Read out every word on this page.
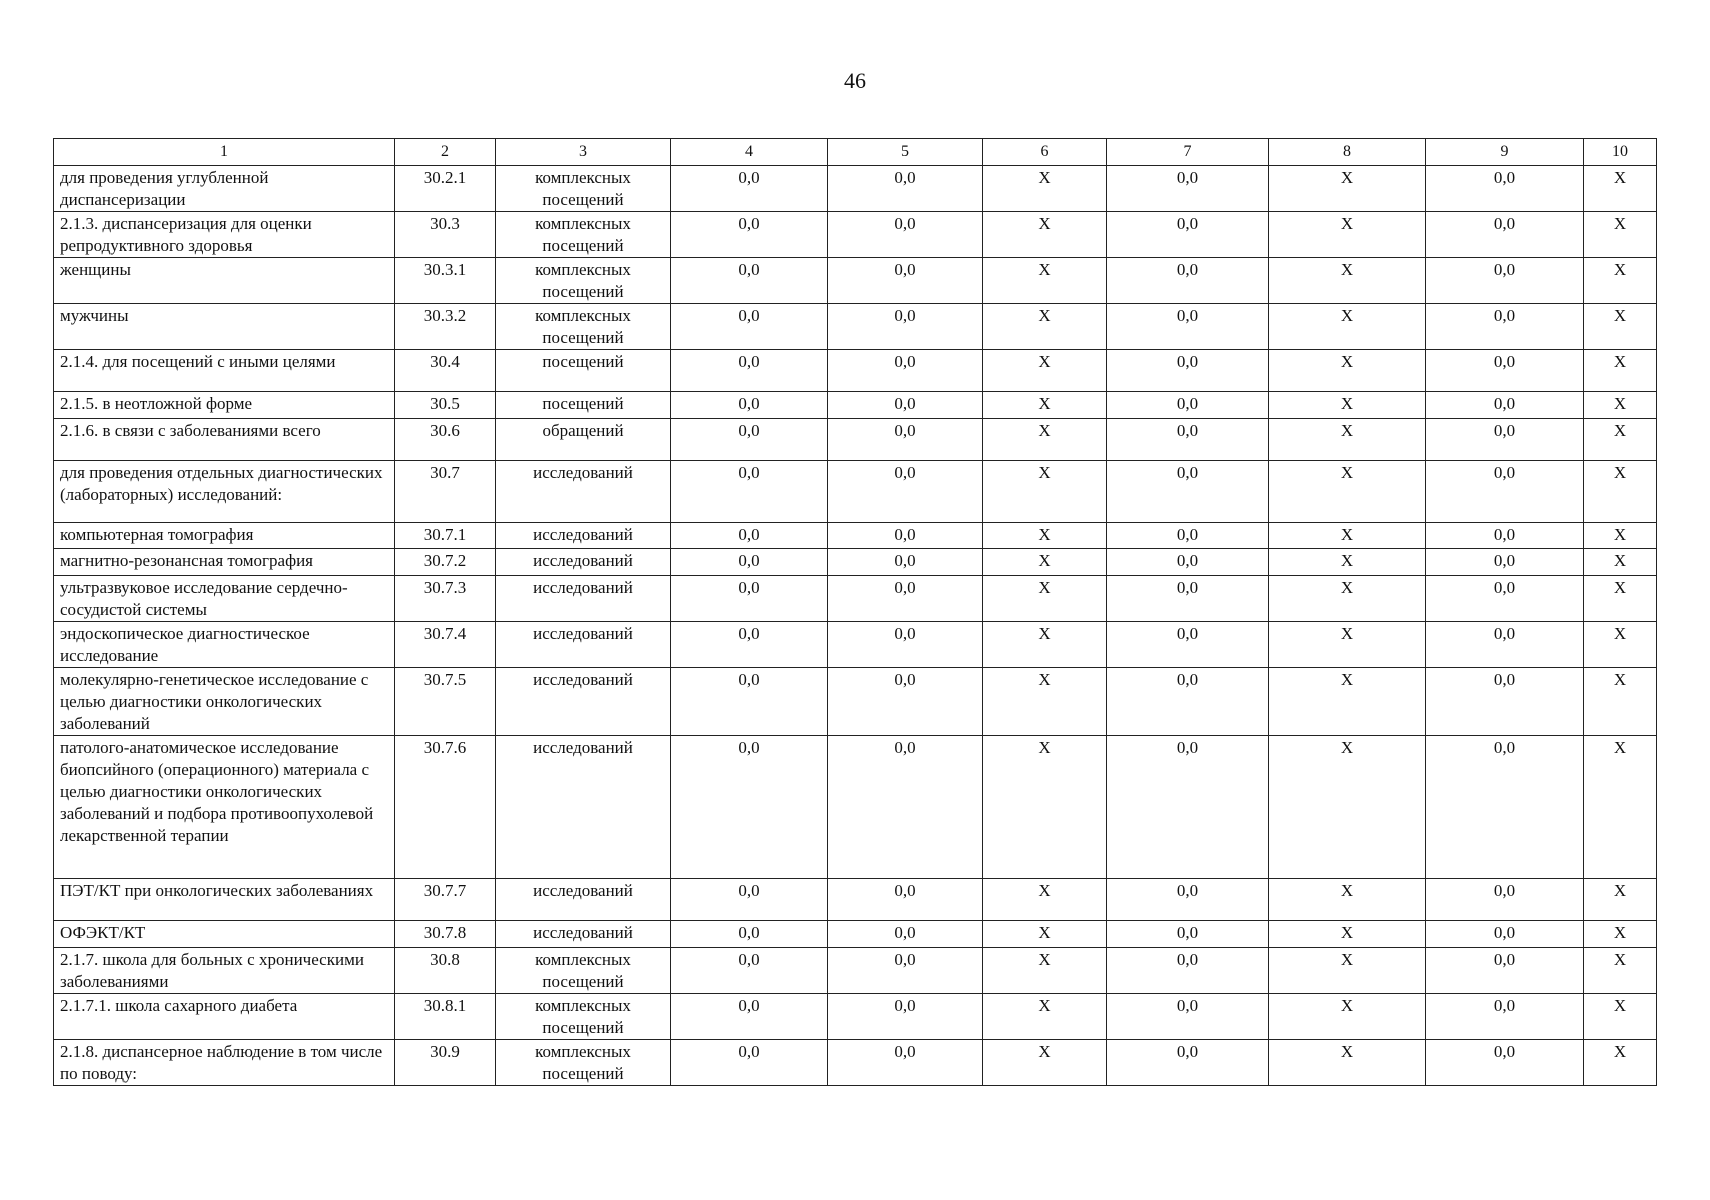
46
1	2	3	4	5	6	7	8	9	10
для проведения углубленной диспансеризации	30.2.1	комплексных посещений	0,0	0,0	Х	0,0	Х	0,0	Х
2.1.3. диспансеризация для оценки репродуктивного здоровья	30.3	комплексных посещений	0,0	0,0	Х	0,0	Х	0,0	Х
женщины	30.3.1	комплексных посещений	0,0	0,0	Х	0,0	Х	0,0	Х
мужчины	30.3.2	комплексных посещений	0,0	0,0	Х	0,0	Х	0,0	Х
2.1.4. для посещений с иными целями	30.4	посещений	0,0	0,0	Х	0,0	Х	0,0	Х
2.1.5. в неотложной форме	30.5	посещений	0,0	0,0	Х	0,0	Х	0,0	Х
2.1.6. в связи с заболеваниями всего	30.6	обращений	0,0	0,0	Х	0,0	Х	0,0	Х
для проведения отдельных диагностических (лабораторных) исследований:	30.7	исследований	0,0	0,0	Х	0,0	Х	0,0	Х
компьютерная томография	30.7.1	исследований	0,0	0,0	Х	0,0	Х	0,0	Х
магнитно-резонансная томография	30.7.2	исследований	0,0	0,0	Х	0,0	Х	0,0	Х
ультразвуковое исследование сердечно-сосудистой системы	30.7.3	исследований	0,0	0,0	Х	0,0	Х	0,0	Х
эндоскопическое диагностическое исследование	30.7.4	исследований	0,0	0,0	Х	0,0	Х	0,0	Х
молекулярно-генетическое исследование с целью диагностики онкологических заболеваний	30.7.5	исследований	0,0	0,0	Х	0,0	Х	0,0	Х
патолого-анатомическое исследование биопсийного (операционного) материала с целью диагностики онкологических заболеваний и подбора противоопухолевой лекарственной терапии	30.7.6	исследований	0,0	0,0	Х	0,0	Х	0,0	Х
ПЭТ/КТ при онкологических заболеваниях	30.7.7	исследований	0,0	0,0	Х	0,0	Х	0,0	Х
ОФЭКТ/КТ	30.7.8	исследований	0,0	0,0	Х	0,0	Х	0,0	Х
2.1.7. школа для больных с хроническими заболеваниями	30.8	комплексных посещений	0,0	0,0	Х	0,0	Х	0,0	Х
2.1.7.1. школа сахарного диабета	30.8.1	комплексных посещений	0,0	0,0	Х	0,0	Х	0,0	Х
2.1.8. диспансерное наблюдение в том числе по поводу:	30.9	комплексных посещений	0,0	0,0	Х	0,0	Х	0,0	Х
